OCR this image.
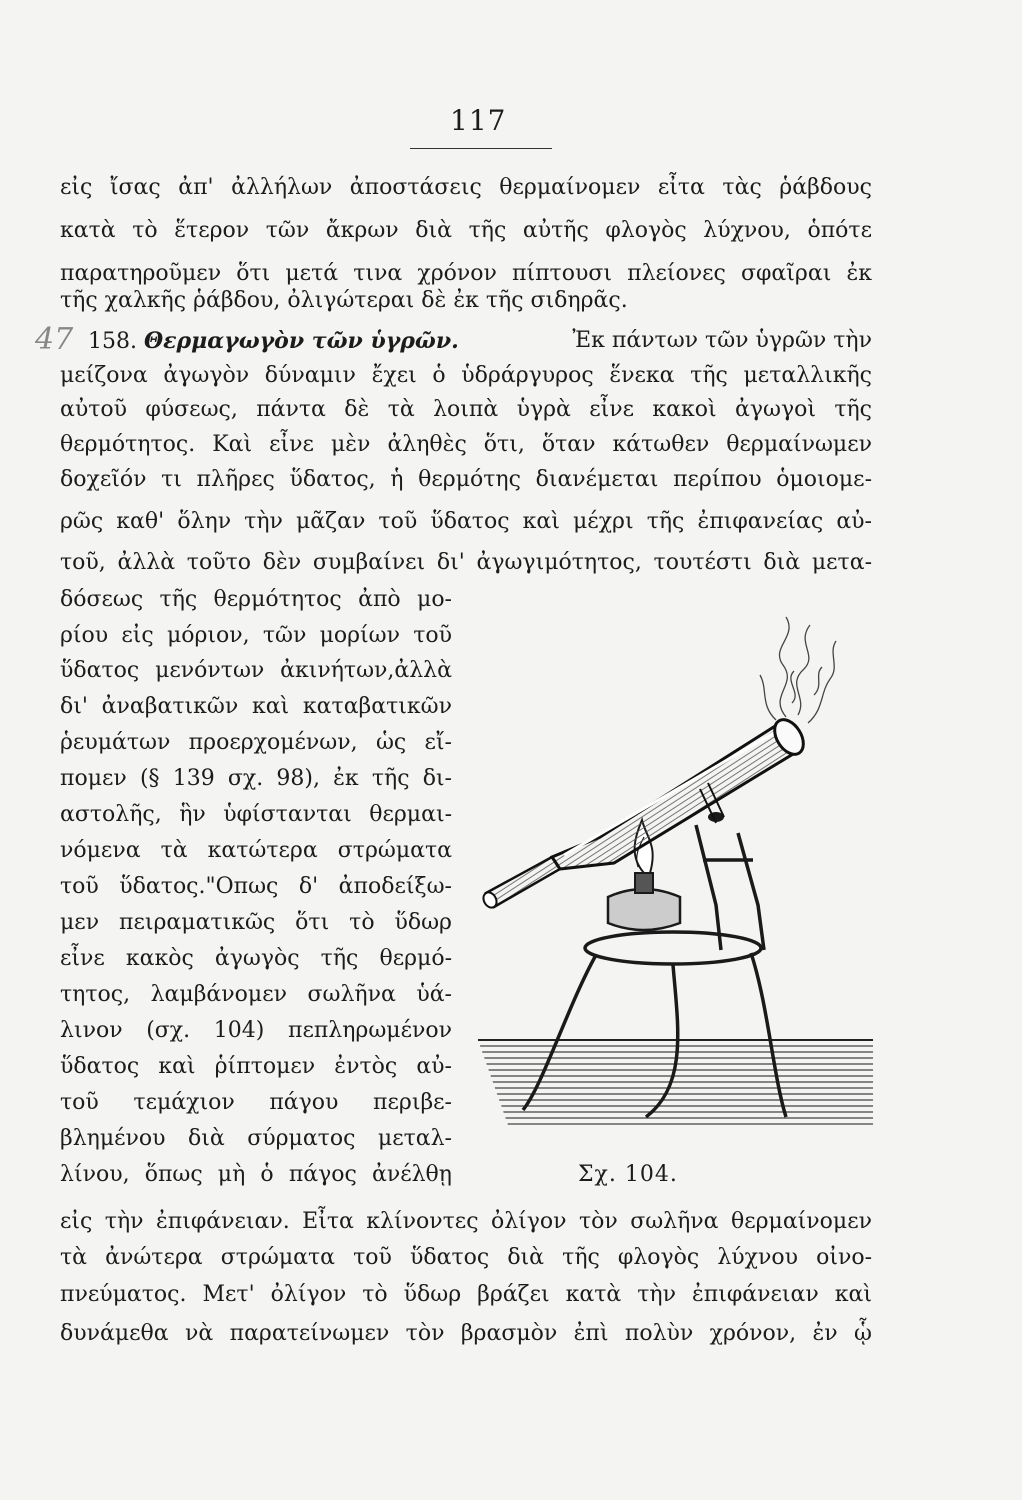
117
εἰς ἴσας ἀπ' ἀλλήλων ἀποστάσεις θερμαίνομεν εἶτα τὰς ῥάβδους
κατὰ τὸ ἕτερον τῶν ἄκρων διὰ τῆς αὐτῆς φλογὸς λύχνου, ὁπότε
παρατηροῦμεν ὅτι μετά τινα χρόνον πίπτουσι πλείονες σφαῖραι ἐκ
τῆς χαλκῆς ῥάβδου, ὀλιγώτεραι δὲ ἐκ τῆς σιδηρᾶς.
47 158. Θερμαγωγὸν τῶν ὑγρῶν.	Ἐκ πάντων τῶν ὑγρῶν τὴν
μείζονα ἀγωγὸν δύναμιν ἔχει ὁ ὑδράργυρος ἕνεκα τῆς μεταλλικῆς
αὐτοῦ φύσεως, πάντα δὲ τὰ λοιπὰ ὑγρὰ εἶνε κακοὶ ἀγωγοὶ τῆς
θερμότητος. Καὶ εἶνε μὲν ἀληθὲς ὅτι, ὅταν κάτωθεν θερμαίνωμεν
δοχεῖόν τι πλῆρες ὕδατος, ἡ θερμότης διανέμεται περίπου ὁμοιομε-
ρῶς καθ' ὅλην τὴν μᾶζαν τοῦ ὕδατος καὶ μέχρι τῆς ἐπιφανείας αὐ-
τοῦ, ἀλλὰ τοῦτο δὲν συμβαίνει δι' ἀγωγιμότητος, τουτέστι διὰ μετα-
δόσεως τῆς θερμότητος ἀπὸ μο-
ρίου εἰς μόριον, τῶν μορίων τοῦ
ὕδατος μενόντων ἀκινήτων,ἀλλὰ
δι' ἀναβατικῶν καὶ καταβατικῶν
ῥευμάτων προερχομένων, ὡς εἴ-
πομεν (§ 139 σχ. 98), ἐκ τῆς δι-
αστολῆς, ἣν ὑφίστανται θερμαι-
νόμενα τὰ κατώτερα στρώματα
τοῦ ὕδατος."Οπως δ' ἀποδείξω-
μεν πειραματικῶς ὅτι τὸ ὕδωρ
εἶνε κακὸς ἀγωγὸς τῆς θερμό-
τητος, λαμβάνομεν σωλῆνα ὑά-
λινον (σχ. 104) πεπληρωμένον
ὕδατος καὶ ῥίπτομεν ἐντὸς αὐ-
τοῦ τεμάχιον πάγου περιβε-
βλημένου διὰ σύρματος μεταλ-
λίνου, ὅπως μὴ ὁ πάγος ἀνέλθῃ	Σχ. 104.
εἰς τὴν ἐπιφάνειαν. Εἶτα κλίνοντες ὀλίγον τὸν σωλῆνα θερμαίνομεν
τὰ ἀνώτερα στρώματα τοῦ ὕδατος διὰ τῆς φλογὸς λύχνου οἰνο-
πνεύματος. Μετ' ὀλίγον τὸ ὕδωρ βράζει κατὰ τὴν ἐπιφάνειαν καὶ
δυνάμεθα νὰ παρατείνωμεν τὸν βρασμὸν ἐπὶ πολὺν χρόνον, ἐν ᾧ
